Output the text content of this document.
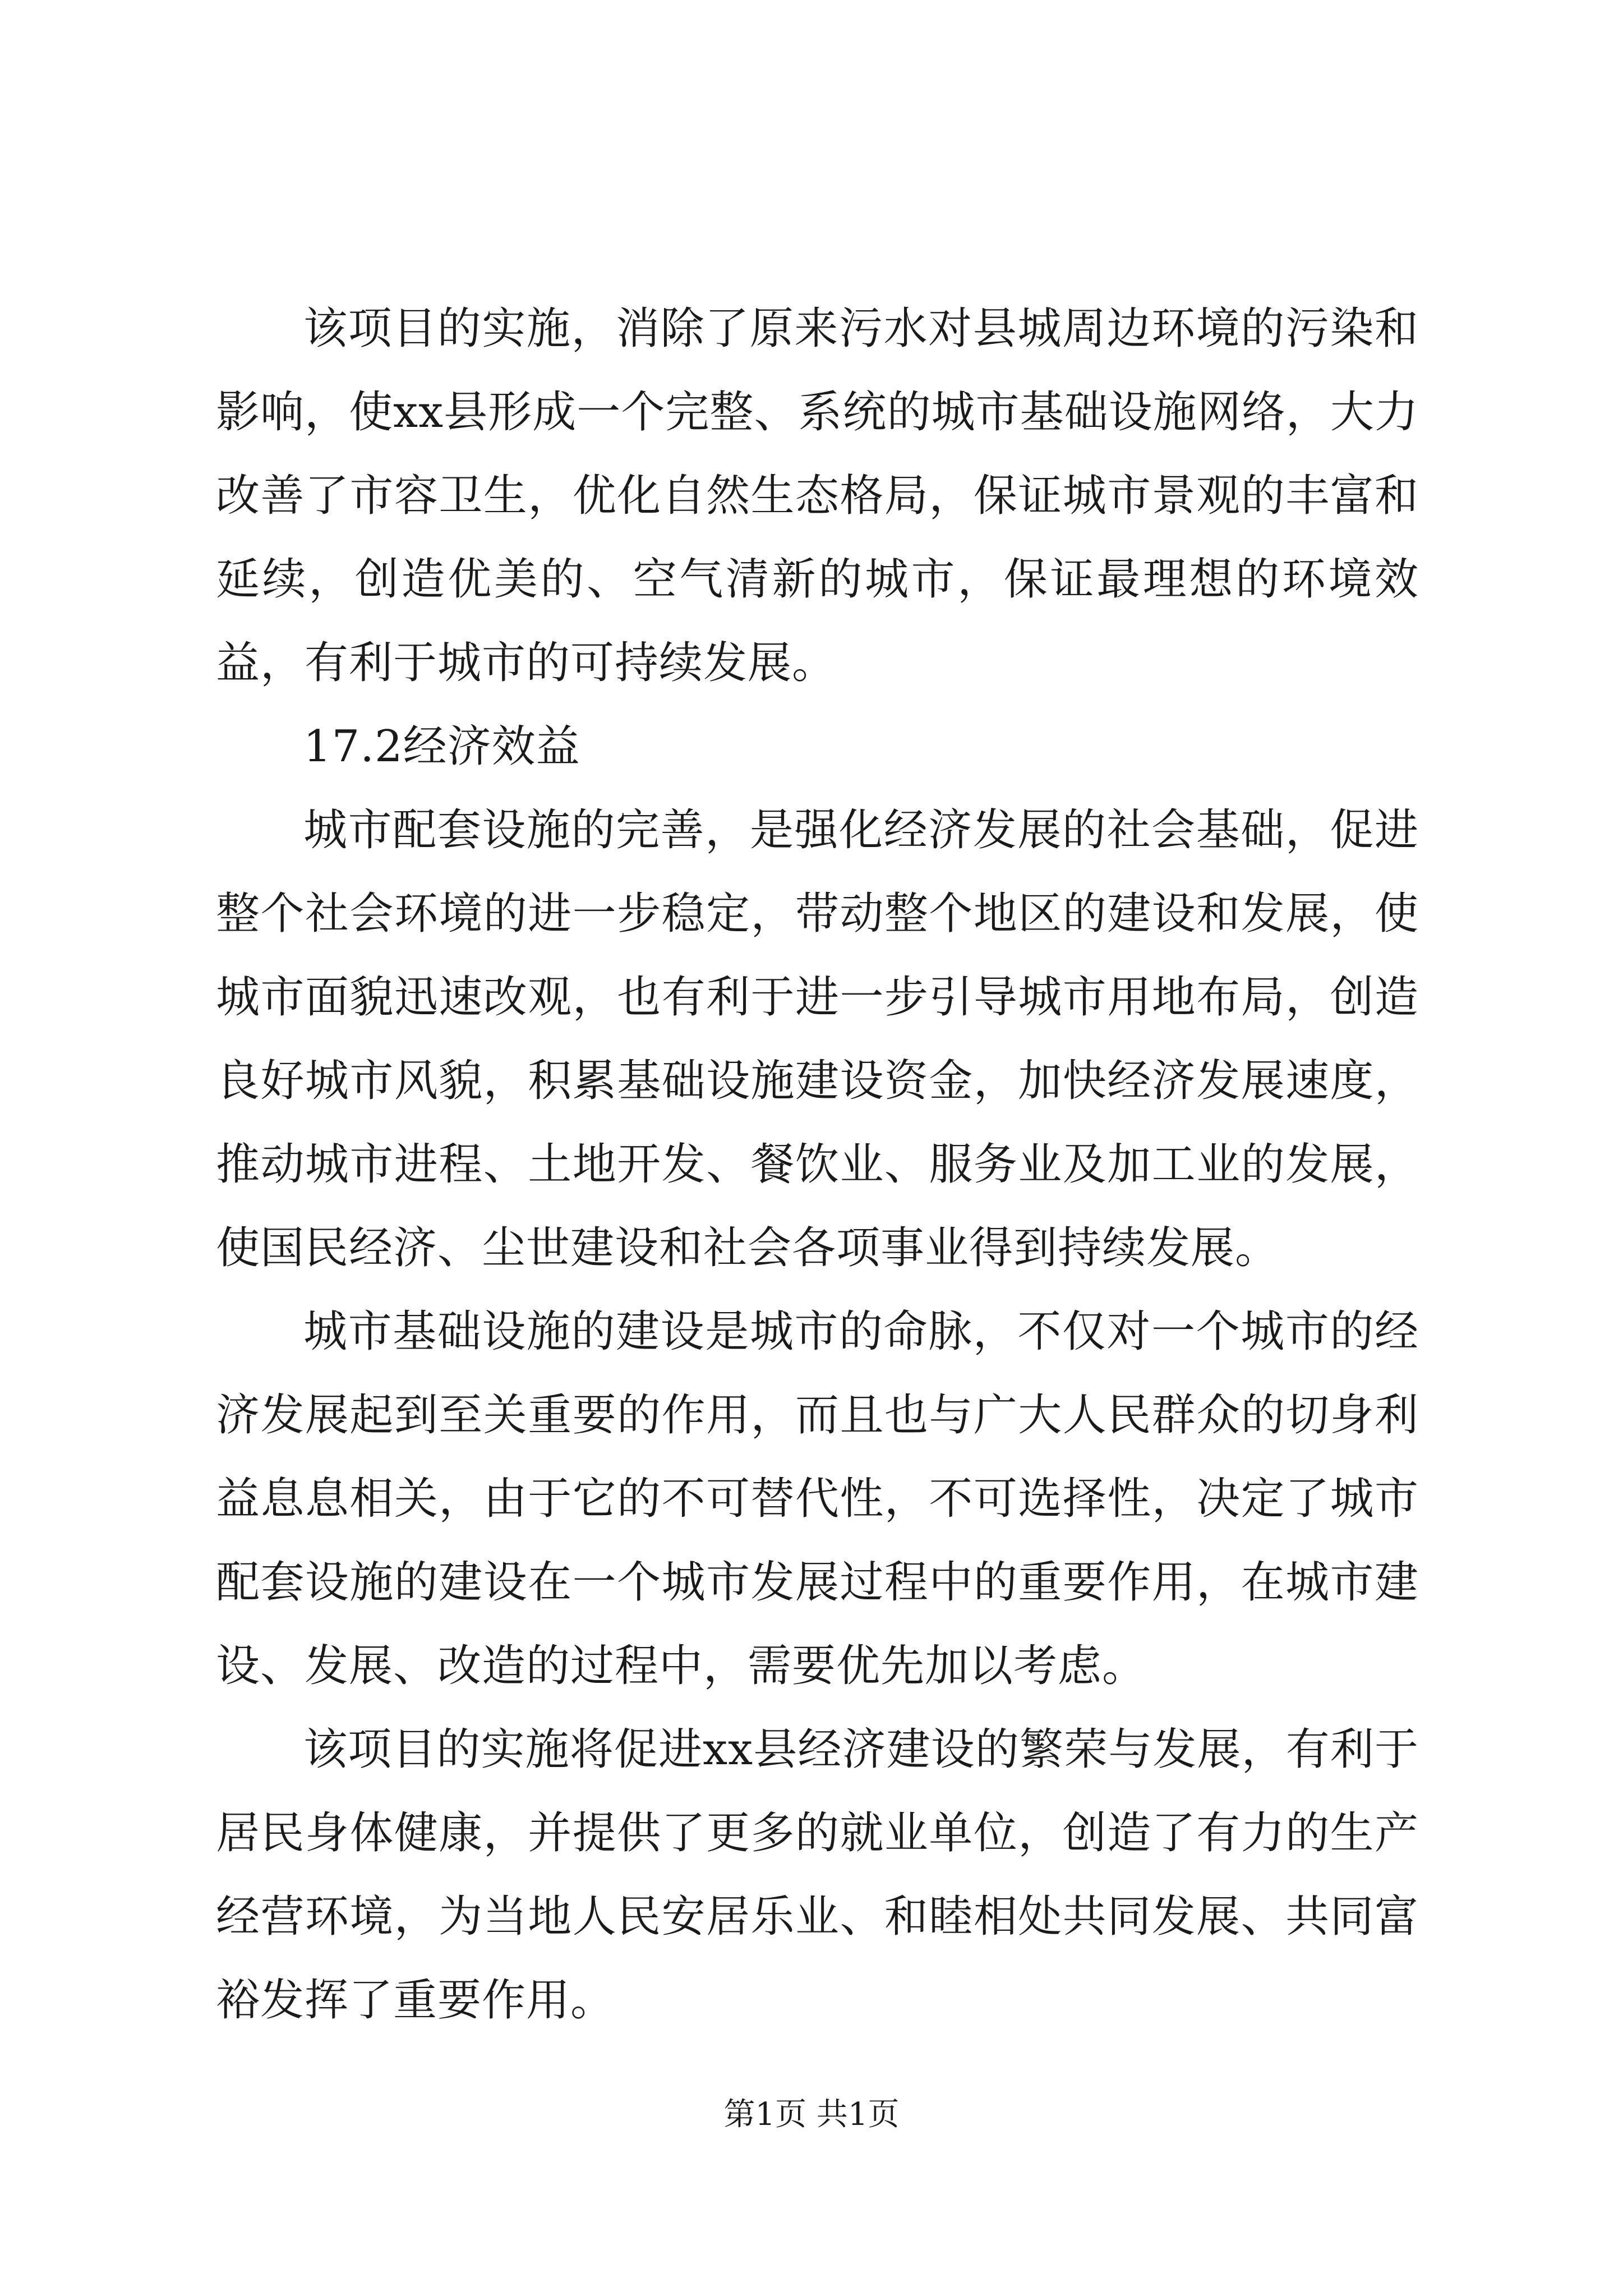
该项目的实施，消除了原来污水对县城周边环境的污染和影响，使xx县形成一个完整、系统的城市基础设施网络，大力改善了市容卫生，优化自然生态格局，保证城市景观的丰富和延续，创造优美的、空气清新的城市，保证最理想的环境效益，有利于城市的可持续发展。

17.2经济效益

城市配套设施的完善，是强化经济发展的社会基础，促进整个社会环境的进一步稳定，带动整个地区的建设和发展，使城市面貌迅速改观，也有利于进一步引导城市用地布局，创造良好城市风貌，积累基础设施建设资金，加快经济发展速度，推动城市进程、土地开发、餐饮业、服务业及加工业的发展，使国民经济、尘世建设和社会各项事业得到持续发展。

城市基础设施的建设是城市的命脉，不仅对一个城市的经济发展起到至关重要的作用，而且也与广大人民群众的切身利益息息相关，由于它的不可替代性，不可选择性，决定了城市配套设施的建设在一个城市发展过程中的重要作用，在城市建设、发展、改造的过程中，需要优先加以考虑。

该项目的实施将促进xx县经济建设的繁荣与发展，有利于居民身体健康，并提供了更多的就业单位，创造了有力的生产经营环境，为当地人民安居乐业、和睦相处共同发展、共同富裕发挥了重要作用。

第1页 共1页
